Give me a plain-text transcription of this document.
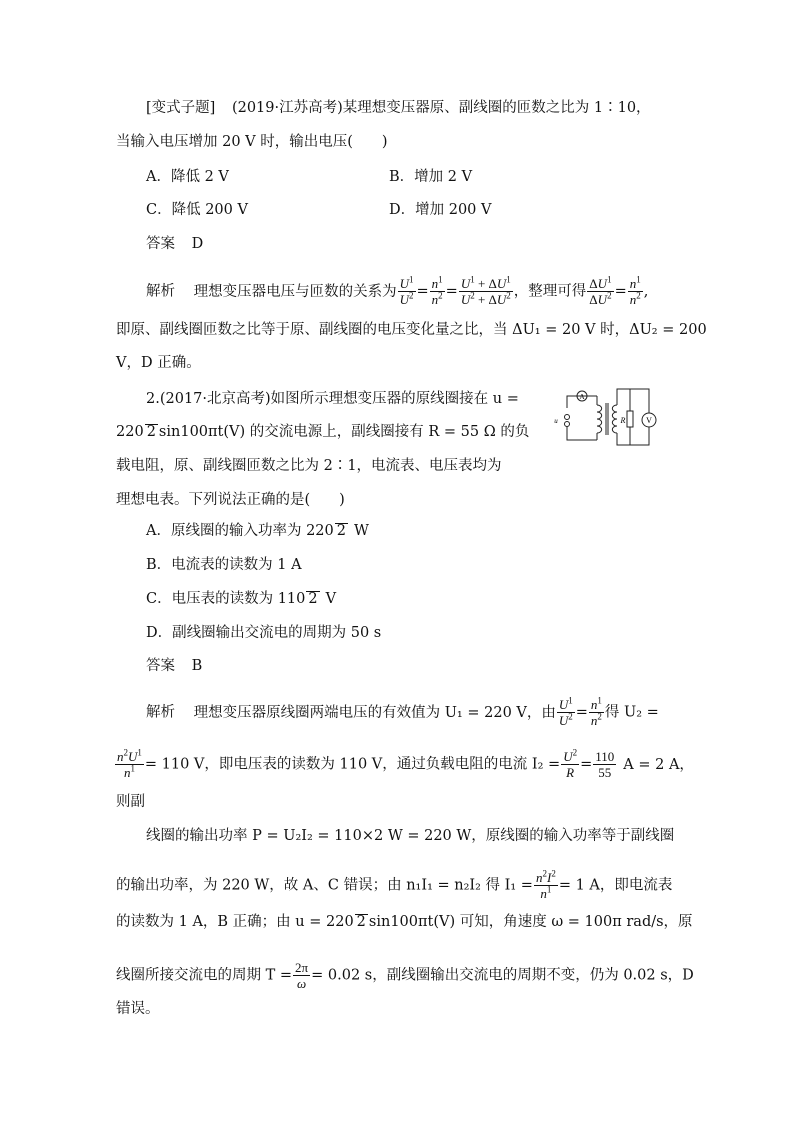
[变式子题] (2019·江苏高考)某理想变压器原、副线圈的匝数之比为 1∶10，
当输入电压增加 20 V 时，输出电压(　　)
A．降低 2 V	B．增加 2 V
C．降低 200 V	D．增加 200 V
答案 D
解析 理想变压器电压与匝数的关系为 $\frac{U^1}{U^2} = \frac{n^1}{n^2} = \frac{U^1 + \Delta U^1}{U^2 + \Delta U^2}$ ，整理可得 $\frac{\Delta U^1}{\Delta U^2} = \frac{n^1}{n^2}$ ,
即原、副线圈匝数之比等于原、副线圈的电压变化量之比，当 ΔU₁ = 20 V 时，ΔU₂ = 200
V，D 正确。
2.(2017·北京高考)如图所示理想变压器的原线圈接在 u =
220 2 sin100πt(V) 的交流电源上，副线圈接有 R = 55 Ω 的负
载电阻，原、副线圈匝数之比为 2∶1，电流表、电压表均为
理想电表。下列说法正确的是(　　)
A
V
R
u
A．原线圈的输入功率为 220 2 W
B．电流表的读数为 1 A
C．电压表的读数为 110 2 V
D．副线圈输出交流电的周期为 50 s
答案 B
解析 理想变压器原线圈两端电压的有效值为 U₁ = 220 V，由 $\frac{U^1}{U^2} = \frac{n^1}{n^2}$ 得 U₂ =
$\frac{n^2U^1}{n^1} = 110$ V，即电压表的读数为 110 V，通过负载电阻的电流 $I_2 = \frac{U^2}{R} = \frac{110}{55}$ A = 2 A，
则副
线圈的输出功率 P = U₂I₂ = 110×2 W = 220 W，原线圈的输入功率等于副线圈
的输出功率，为 220 W，故 A、C 错误；由 n₁I₁ = n₂I₂ 得 $I_1 = \frac{n^2I^2}{n^1} = 1$ A，即电流表
的读数为 1 A，B 正确；由 u = 220 2 sin100πt(V) 可知，角速度 ω = 100π rad/s，原
线圈所接交流电的周期 $T = \frac{2\pi}{\omega} = 0.02$ s，副线圈输出交流电的周期不变，仍为 0.02 s，D
错误。
